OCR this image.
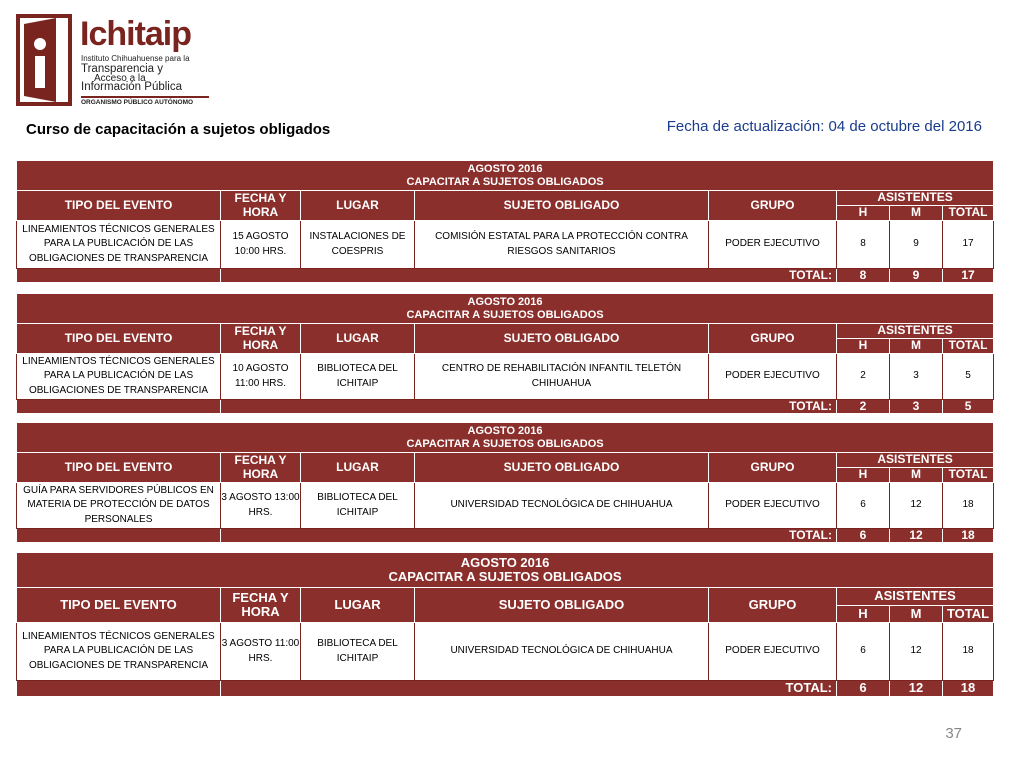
Ichitaip
Instituto Chihuahuense para la
Transparencia y
Acceso a la
Información Pública
ORGANISMO PÚBLICO AUTÓNOMO
Curso de capacitación a sujetos obligados	Fecha de actualización: 04 de octubre del 2016
AGOSTO 2016
CAPACITAR A SUJETOS OBLIGADOS							

TIPO DEL EVENTO	FECHA Y HORA	LUGAR	SUJETO OBLIGADO	GRUPO	ASISTENTES		
					H	M	TOTAL
LINEAMIENTOS TÉCNICOS GENERALES PARA LA PUBLICACIÓN DE LAS OBLIGACIONES DE TRANSPARENCIA	15 AGOSTO 10:00 HRS.	INSTALACIONES DE COESPRIS	COMISIÓN ESTATAL PARA LA PROTECCIÓN CONTRA RIESGOS SANITARIOS	PODER EJECUTIVO	8	9	17
	TOTAL:				8	9	17
AGOSTO 2016
CAPACITAR A SUJETOS OBLIGADOS							

TIPO DEL EVENTO	FECHA Y HORA	LUGAR	SUJETO OBLIGADO	GRUPO	ASISTENTES		
					H	M	TOTAL
LINEAMIENTOS TÉCNICOS GENERALES PARA LA PUBLICACIÓN DE LAS OBLIGACIONES DE TRANSPARENCIA	10 AGOSTO 11:00 HRS.	BIBLIOTECA DEL ICHITAIP	CENTRO DE REHABILITACIÓN INFANTIL TELETÓN CHIHUAHUA	PODER EJECUTIVO	2	3	5
	TOTAL:				2	3	5
AGOSTO 2016
CAPACITAR A SUJETOS OBLIGADOS							

TIPO DEL EVENTO	FECHA Y HORA	LUGAR	SUJETO OBLIGADO	GRUPO	ASISTENTES		
					H	M	TOTAL
GUÍA PARA SERVIDORES PÚBLICOS EN MATERIA DE PROTECCIÓN DE DATOS PERSONALES	3 AGOSTO 13:00 HRS.	BIBLIOTECA DEL ICHITAIP	UNIVERSIDAD TECNOLÓGICA DE CHIHUAHUA	PODER EJECUTIVO	6	12	18
	TOTAL:				6	12	18
AGOSTO 2016
CAPACITAR A SUJETOS OBLIGADOS							

TIPO DEL EVENTO	FECHA Y HORA	LUGAR	SUJETO OBLIGADO	GRUPO	ASISTENTES		
					H	M	TOTAL
LINEAMIENTOS TÉCNICOS GENERALES PARA LA PUBLICACIÓN DE LAS OBLIGACIONES DE TRANSPARENCIA	3 AGOSTO 11:00 HRS.	BIBLIOTECA DEL ICHITAIP	UNIVERSIDAD TECNOLÓGICA DE CHIHUAHUA	PODER EJECUTIVO	6	12	18
	TOTAL:				6	12	18
37
